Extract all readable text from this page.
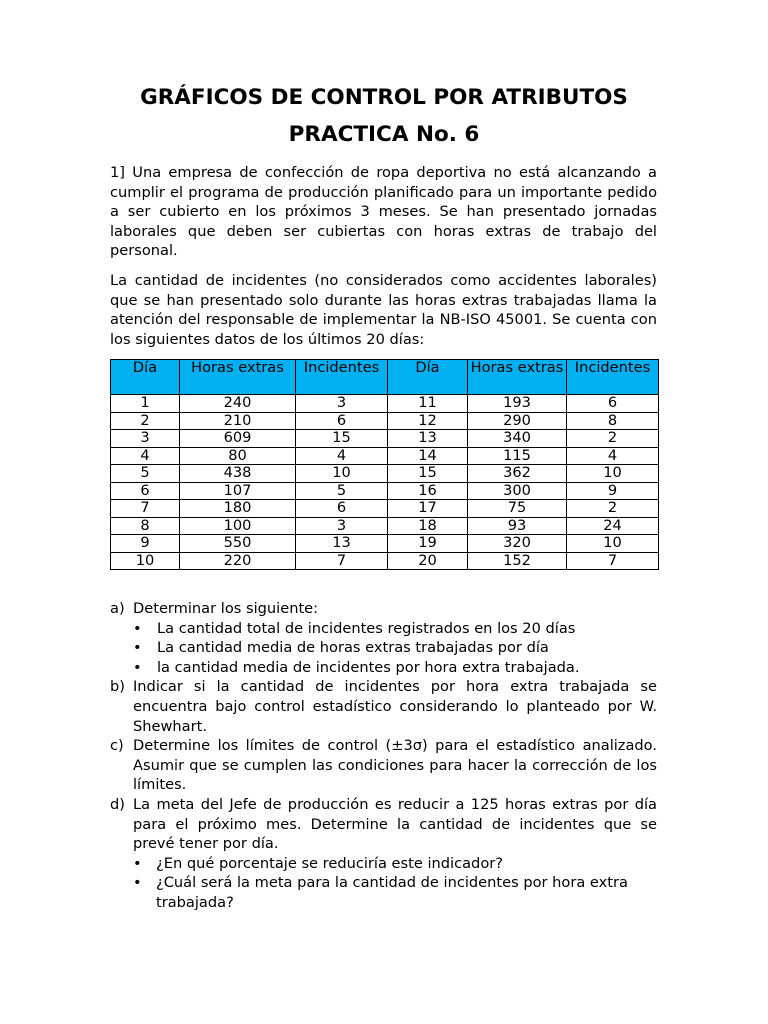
GRÁFICOS DE CONTROL POR ATRIBUTOS
PRACTICA No. 6

1] Una empresa de confección de ropa deportiva no está alcanzando a cumplir el programa de producción planificado para un importante pedido a ser cubierto en los próximos 3 meses. Se han presentado jornadas laborales que deben ser cubiertas con horas extras de trabajo del personal.

La cantidad de incidentes (no considerados como accidentes laborales) que se han presentado solo durante las horas extras trabajadas llama la atención del responsable de implementar la NB-ISO 45001. Se cuenta con los siguientes datos de los últimos 20 días:

Día	Horas extras	Incidentes	Día	Horas extras	Incidentes
1	240	3	11	193	6
2	210	6	12	290	8
3	609	15	13	340	2
4	80	4	14	115	4
5	438	10	15	362	10
6	107	5	16	300	9
7	180	6	17	75	2
8	100	3	18	93	24
9	550	13	19	320	10
10	220	7	20	152	7
a) Determinar los siguiente:
• La cantidad total de incidentes registrados en los 20 días
• La cantidad media de horas extras trabajadas por día
• la cantidad media de incidentes por hora extra trabajada.
b) Indicar si la cantidad de incidentes por hora extra trabajada se encuentra bajo control estadístico considerando lo planteado por W. Shewhart.
c) Determine los límites de control (±3σ) para el estadístico analizado. Asumir que se cumplen las condiciones para hacer la corrección de los límites.
d) La meta del Jefe de producción es reducir a 125 horas extras por día para el próximo mes. Determine la cantidad de incidentes que se prevé tener por día.
• ¿En qué porcentaje se reduciría este indicador?
• ¿Cuál será la meta para la cantidad de incidentes por hora extra trabajada?
